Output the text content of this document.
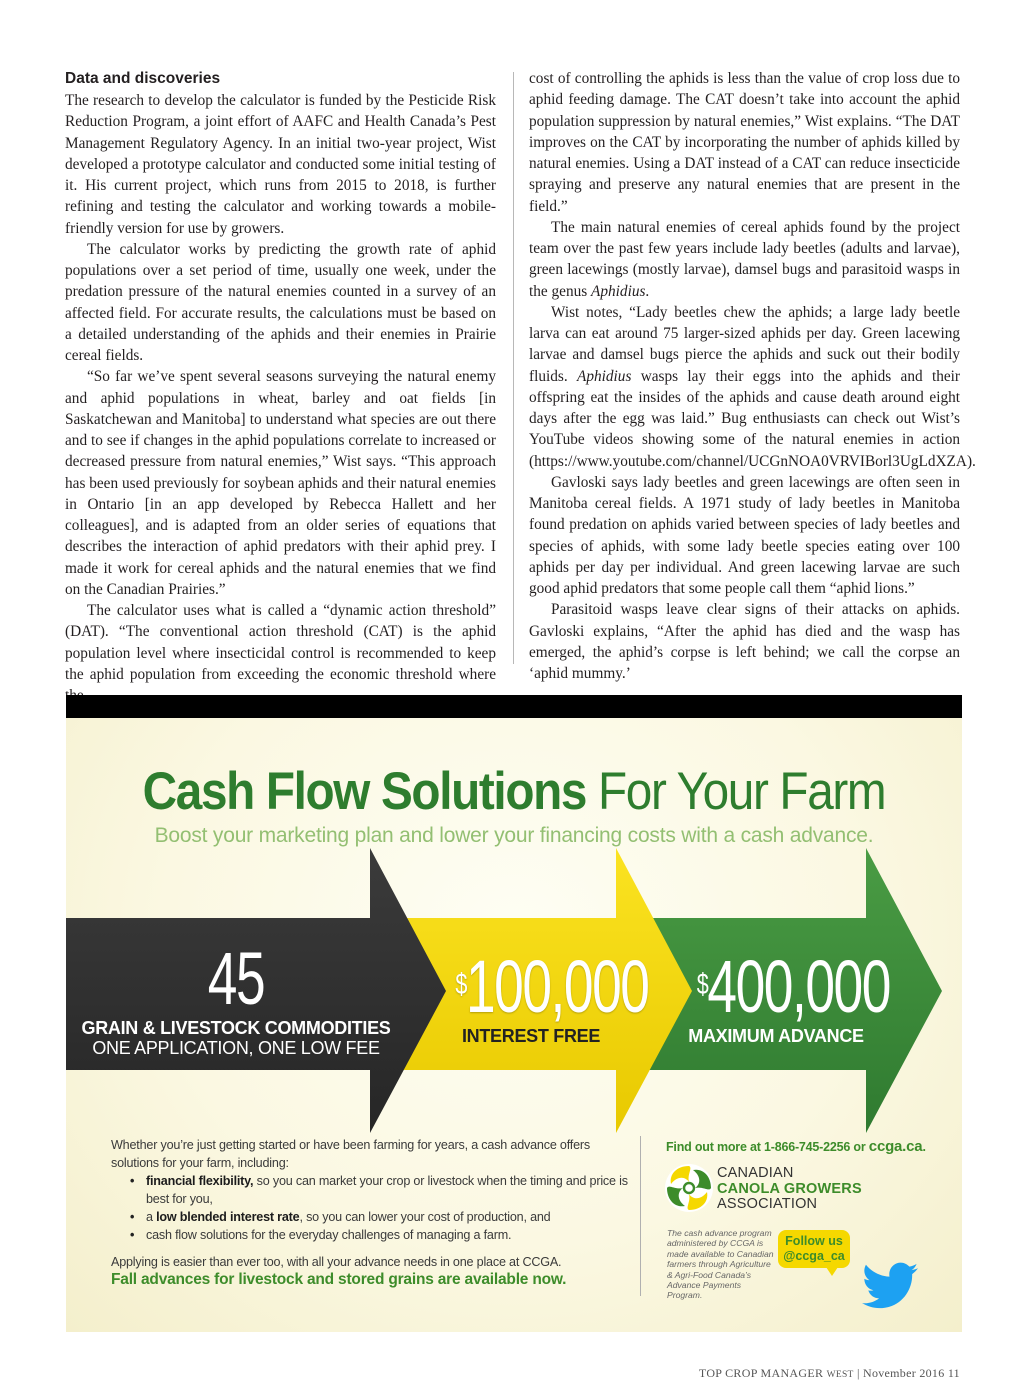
Data and discoveries

The research to develop the calculator is funded by the Pesticide Risk Reduction Program, a joint effort of AAFC and Health Canada’s Pest Management Regulatory Agency. In an initial two-year project, Wist developed a prototype calculator and conducted some initial testing of it. His current project, which runs from 2015 to 2018, is further refining and testing the calculator and working towards a mobile-friendly version for use by growers.

The calculator works by predicting the growth rate of aphid populations over a set period of time, usually one week, under the predation pressure of the natural enemies counted in a survey of an affected field. For accurate results, the calculations must be based on a detailed understanding of the aphids and their enemies in Prairie cereal fields.

“So far we’ve spent several seasons surveying the natural enemy and aphid populations in wheat, barley and oat fields [in Saskatchewan and Manitoba] to understand what species are out there and to see if changes in the aphid populations correlate to increased or decreased pressure from natural enemies,” Wist says. “This approach has been used previously for soybean aphids and their natural enemies in Ontario [in an app developed by Rebecca Hallett and her colleagues], and is adapted from an older series of equations that describes the interaction of aphid predators with their aphid prey. I made it work for cereal aphids and the natural enemies that we find on the Canadian Prairies.”

The calculator uses what is called a “dynamic action threshold” (DAT). “The conventional action threshold (CAT) is the aphid population level where insecticidal control is recommended to keep the aphid population from exceeding the economic threshold where

cost of controlling the aphids is less than the value of crop loss due to aphid feeding damage. The CAT doesn’t take into account the aphid population suppression by natural enemies,” Wist explains. “The DAT improves on the CAT by incorporating the number of aphids killed by natural enemies. Using a DAT instead of a CAT can reduce insecticide spraying and preserve any natural enemies that are present in the field.”

The main natural enemies of cereal aphids found by the project team over the past few years include lady beetles (adults and larvae), green lacewings (mostly larvae), damsel bugs and parasitoid wasps in the genus Aphidius.

Wist notes, “Lady beetles chew the aphids; a large lady beetle larva can eat around 75 larger-sized aphids per day. Green lacewing larvae and damsel bugs pierce the aphids and suck out their bodily fluids. Aphidius wasps lay their eggs into the aphids and their offspring eat the insides of the aphids and cause death around eight days after the egg was laid.” Bug enthusiasts can check out Wist’s YouTube videos showing some of the natural enemies in action (https://www.youtube.com/channel/UCGnNOA0VRVIBorl3UgLdXZA).

Gavloski says lady beetles and green lacewings are often seen in Manitoba cereal fields. A 1971 study of lady beetles in Manitoba found predation on aphids varied between species of lady beetles and species of aphids, with some lady beetle species eating over 100 aphids per day per individual. And green lacewing larvae are such good aphid predators that some people call them “aphid lions.”

Parasitoid wasps leave clear signs of their attacks on aphids. Gavloski explains, “After the aphid has died and the wasp has emerged, the aphid’s corpse is left behind; we call the corpse an ‘aphid mummy.’

Cash Flow Solutions For Your Farm
Boost your marketing plan and lower your financing costs with a cash advance.
45
GRAIN & LIVESTOCK COMMODITIES
ONE APPLICATION, ONE LOW FEE
$100,000
INTEREST FREE
$400,000
MAXIMUM ADVANCE

Whether you’re just getting started or have been farming for years, a cash advance offers solutions for your farm, including:

• financial flexibility, so you can market your crop or livestock when the timing and price is best for you,
• a low blended interest rate, so you can lower your cost of production, and
• cash flow solutions for the everyday challenges of managing a farm.

Applying is easier than ever too, with all your advance needs in one place at CCGA.

Fall advances for livestock and stored grains are available now.

Find out more at 1-866-745-2256 or ccga.ca.
CANADIAN
CANOLA GROWERS
ASSOCIATION
The cash advance program administered by CCGA is made available to Canadian farmers through Agriculture & Agri-Food Canada’s Advance Payments Program.
Follow us
@ccga_ca
TOP CROP MANAGER WEST | November 2016 11
